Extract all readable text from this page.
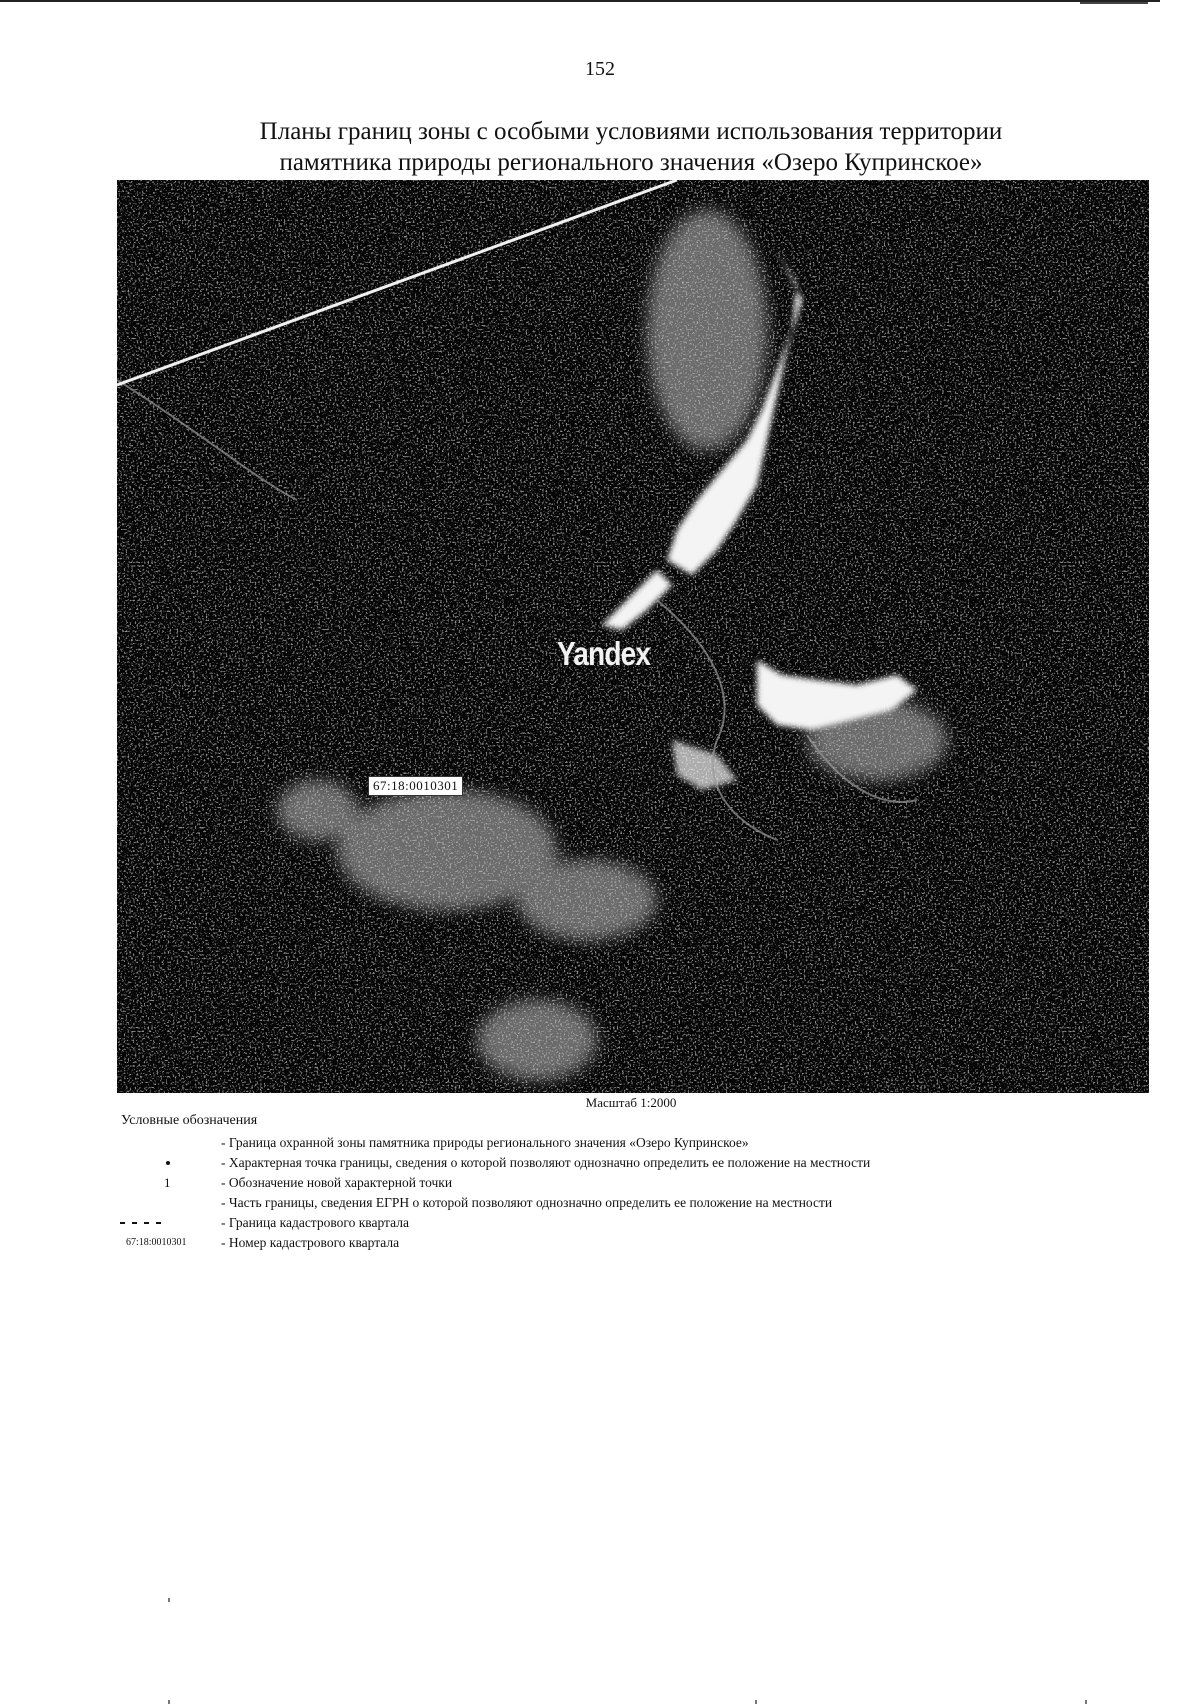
152
Планы границ зоны с особыми условиями использования территории
памятника природы регионального значения «Озеро Купринское»
Yandex
67:18:0010301
Масштаб 1:2000
Условные обозначения
- Граница охранной зоны памятника природы регионального значения «Озеро Купринское»
- Характерная точка границы, сведения о которой позволяют однозначно определить ее положение на местности
1	- Обозначение новой характерной точки
- Часть границы, сведения ЕГРН о которой позволяют однозначно определить ее положение на местности
- Граница кадастрового квартала
67:18:0010301	- Номер кадастрового квартала
